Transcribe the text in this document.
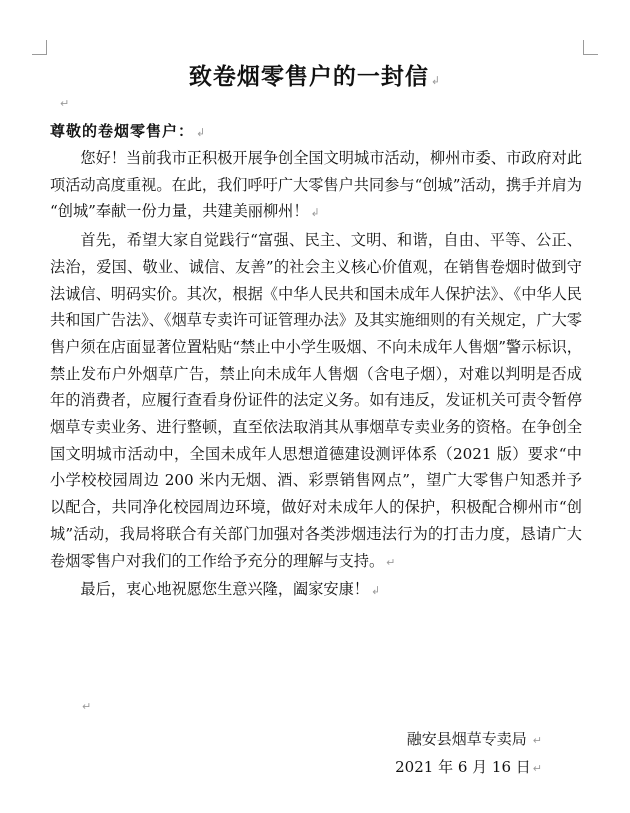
致卷烟零售户的一封信 ↲
↵
尊敬的卷烟零售户： ↲

您好！当前我市正积极开展争创全国文明城市活动，柳州市委、市政府对此项活动高度重视。在此，我们呼吁广大零售户共同参与“创城”活动，携手并肩为 “创城”奉献一份力量，共建美丽柳州！ ↲

首先，希望大家自觉践行“富强、民主、文明、和谐，自由、平等、公正、法治，爱国、敬业、诚信、友善”的社会主义核心价值观，在销售卷烟时做到守法诚信、明码实价。其次，根据《中华人民共和国未成年人保护法》、《中华人民共和国广告法》、《烟草专卖许可证管理办法》及其实施细则的有关规定，广大零售户须在店面显著位置粘贴“禁止中小学生吸烟、不向未成年人售烟”警示标识，禁止发布户外烟草广告，禁止向未成年人售烟（含电子烟），对难以判明是否成年的消费者，应履行查看身份证件的法定义务。如有违反，发证机关可责令暂停烟草专卖业务、进行整顿，直至依法取消其从事烟草专卖业务的资格。在争创全国文明城市活动中，全国未成年人思想道德建设测评体系（2021 版）要求“中小学校校园周边 200 米内无烟、酒、彩票销售网点”，望广大零售户知悉并予以配合，共同净化校园周边环境，做好对未成年人的保护，积极配合柳州市“创城”活动，我局将联合有关部门加强对各类涉烟违法行为的打击力度，恳请广大卷烟零售户对我们的工作给予充分的理解与支持。 ↵

最后，衷心地祝愿您生意兴隆，阖家安康！ ↲

↵
融安县烟草专卖局 ↵
2021 年 6 月 16 日 ↵
